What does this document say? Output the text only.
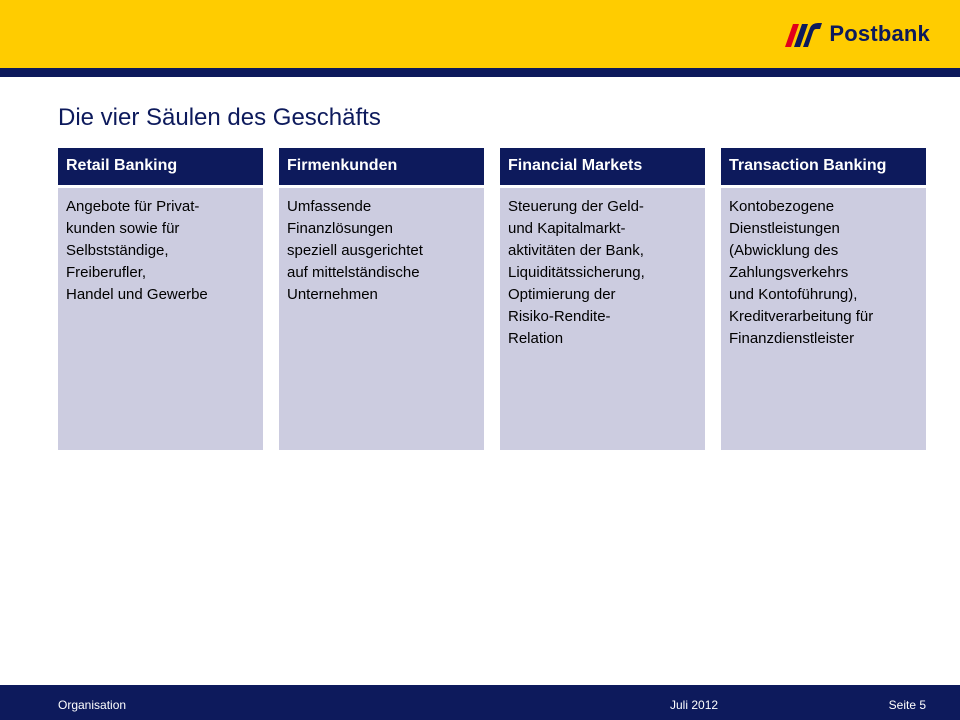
Postbank
Die vier Säulen des Geschäfts
Retail Banking
Angebote für Privat-
kunden sowie für
Selbstständige,
Freiberufler,
Handel und Gewerbe
Firmenkunden
Umfassende
Finanzlösungen
speziell ausgerichtet
auf mittelständische
Unternehmen
Financial Markets
Steuerung der Geld-
und Kapitalmarkt-
aktivitäten der Bank,
Liquiditätssicherung,
Optimierung der
Risiko-Rendite-
Relation
Transaction Banking
Kontobezogene
Dienstleistungen
(Abwicklung des
Zahlungsverkehrs
und Kontoführung),
Kreditverarbeitung für
Finanzdienstleister
Organisation	Juli 2012	Seite 5
